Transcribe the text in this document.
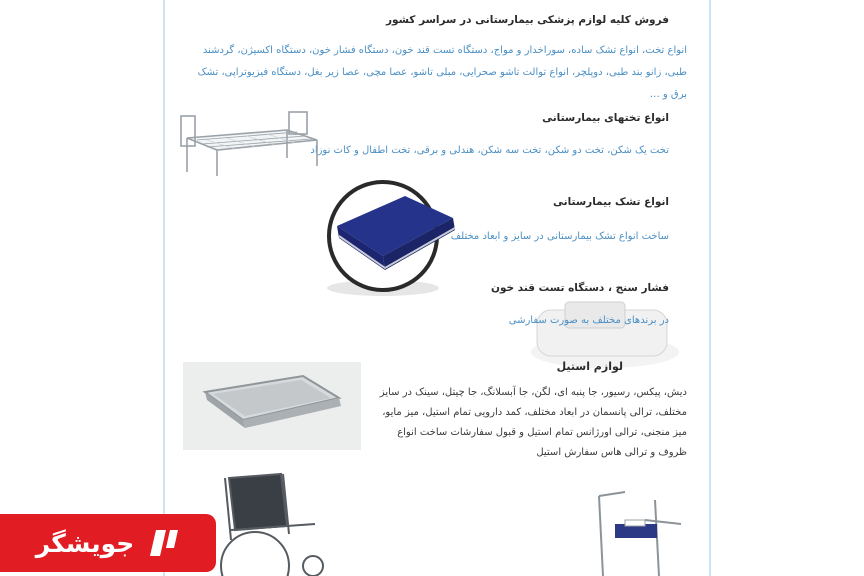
فروش کلیه لوازم پزشکی بیمارستانی در سراسر کشور
انواع تخت، انواع تشک ساده، سوراخدار و مواج، دستگاه تست قند خون، دستگاه فشار خون، دستگاه اکسیژن، گردشند طبی، زانو بند طبی، دوپلچر، انواع توالت تاشو صحرایی، مبلی تاشو، عصا مچی، عصا زیر بغل، دستگاه فیزیوتراپی، تشک برق و …
انواع تختهای بیمارستانی
تخت یک شکن، تخت دو شکن، تخت سه شکن، هندلی و برقی، تخت اطفال و کات نوزاد
انواع تشک بیمارستانی
ساخت انواع تشک بیمارستانی در سایز و ابعاد مختلف
فشار سنج ، دستگاه تست قند خون
در برندهای مختلف به صورت سفارشی
لوازم استیل
دیش، پیکس، رسیور، جا پنبه ای، لگن، جا آبسلانگ، جا چیتل، سینک در سایز مختلف، ترالی پانسمان در ابعاد مختلف، کمد دارویی تمام استیل، میز مایو، میز منجنی، ترالی اورژانس تمام استیل و قبول سفارشات ساخت انواع ظروف و ترالی هاس سفارش استیل
جویشگر
